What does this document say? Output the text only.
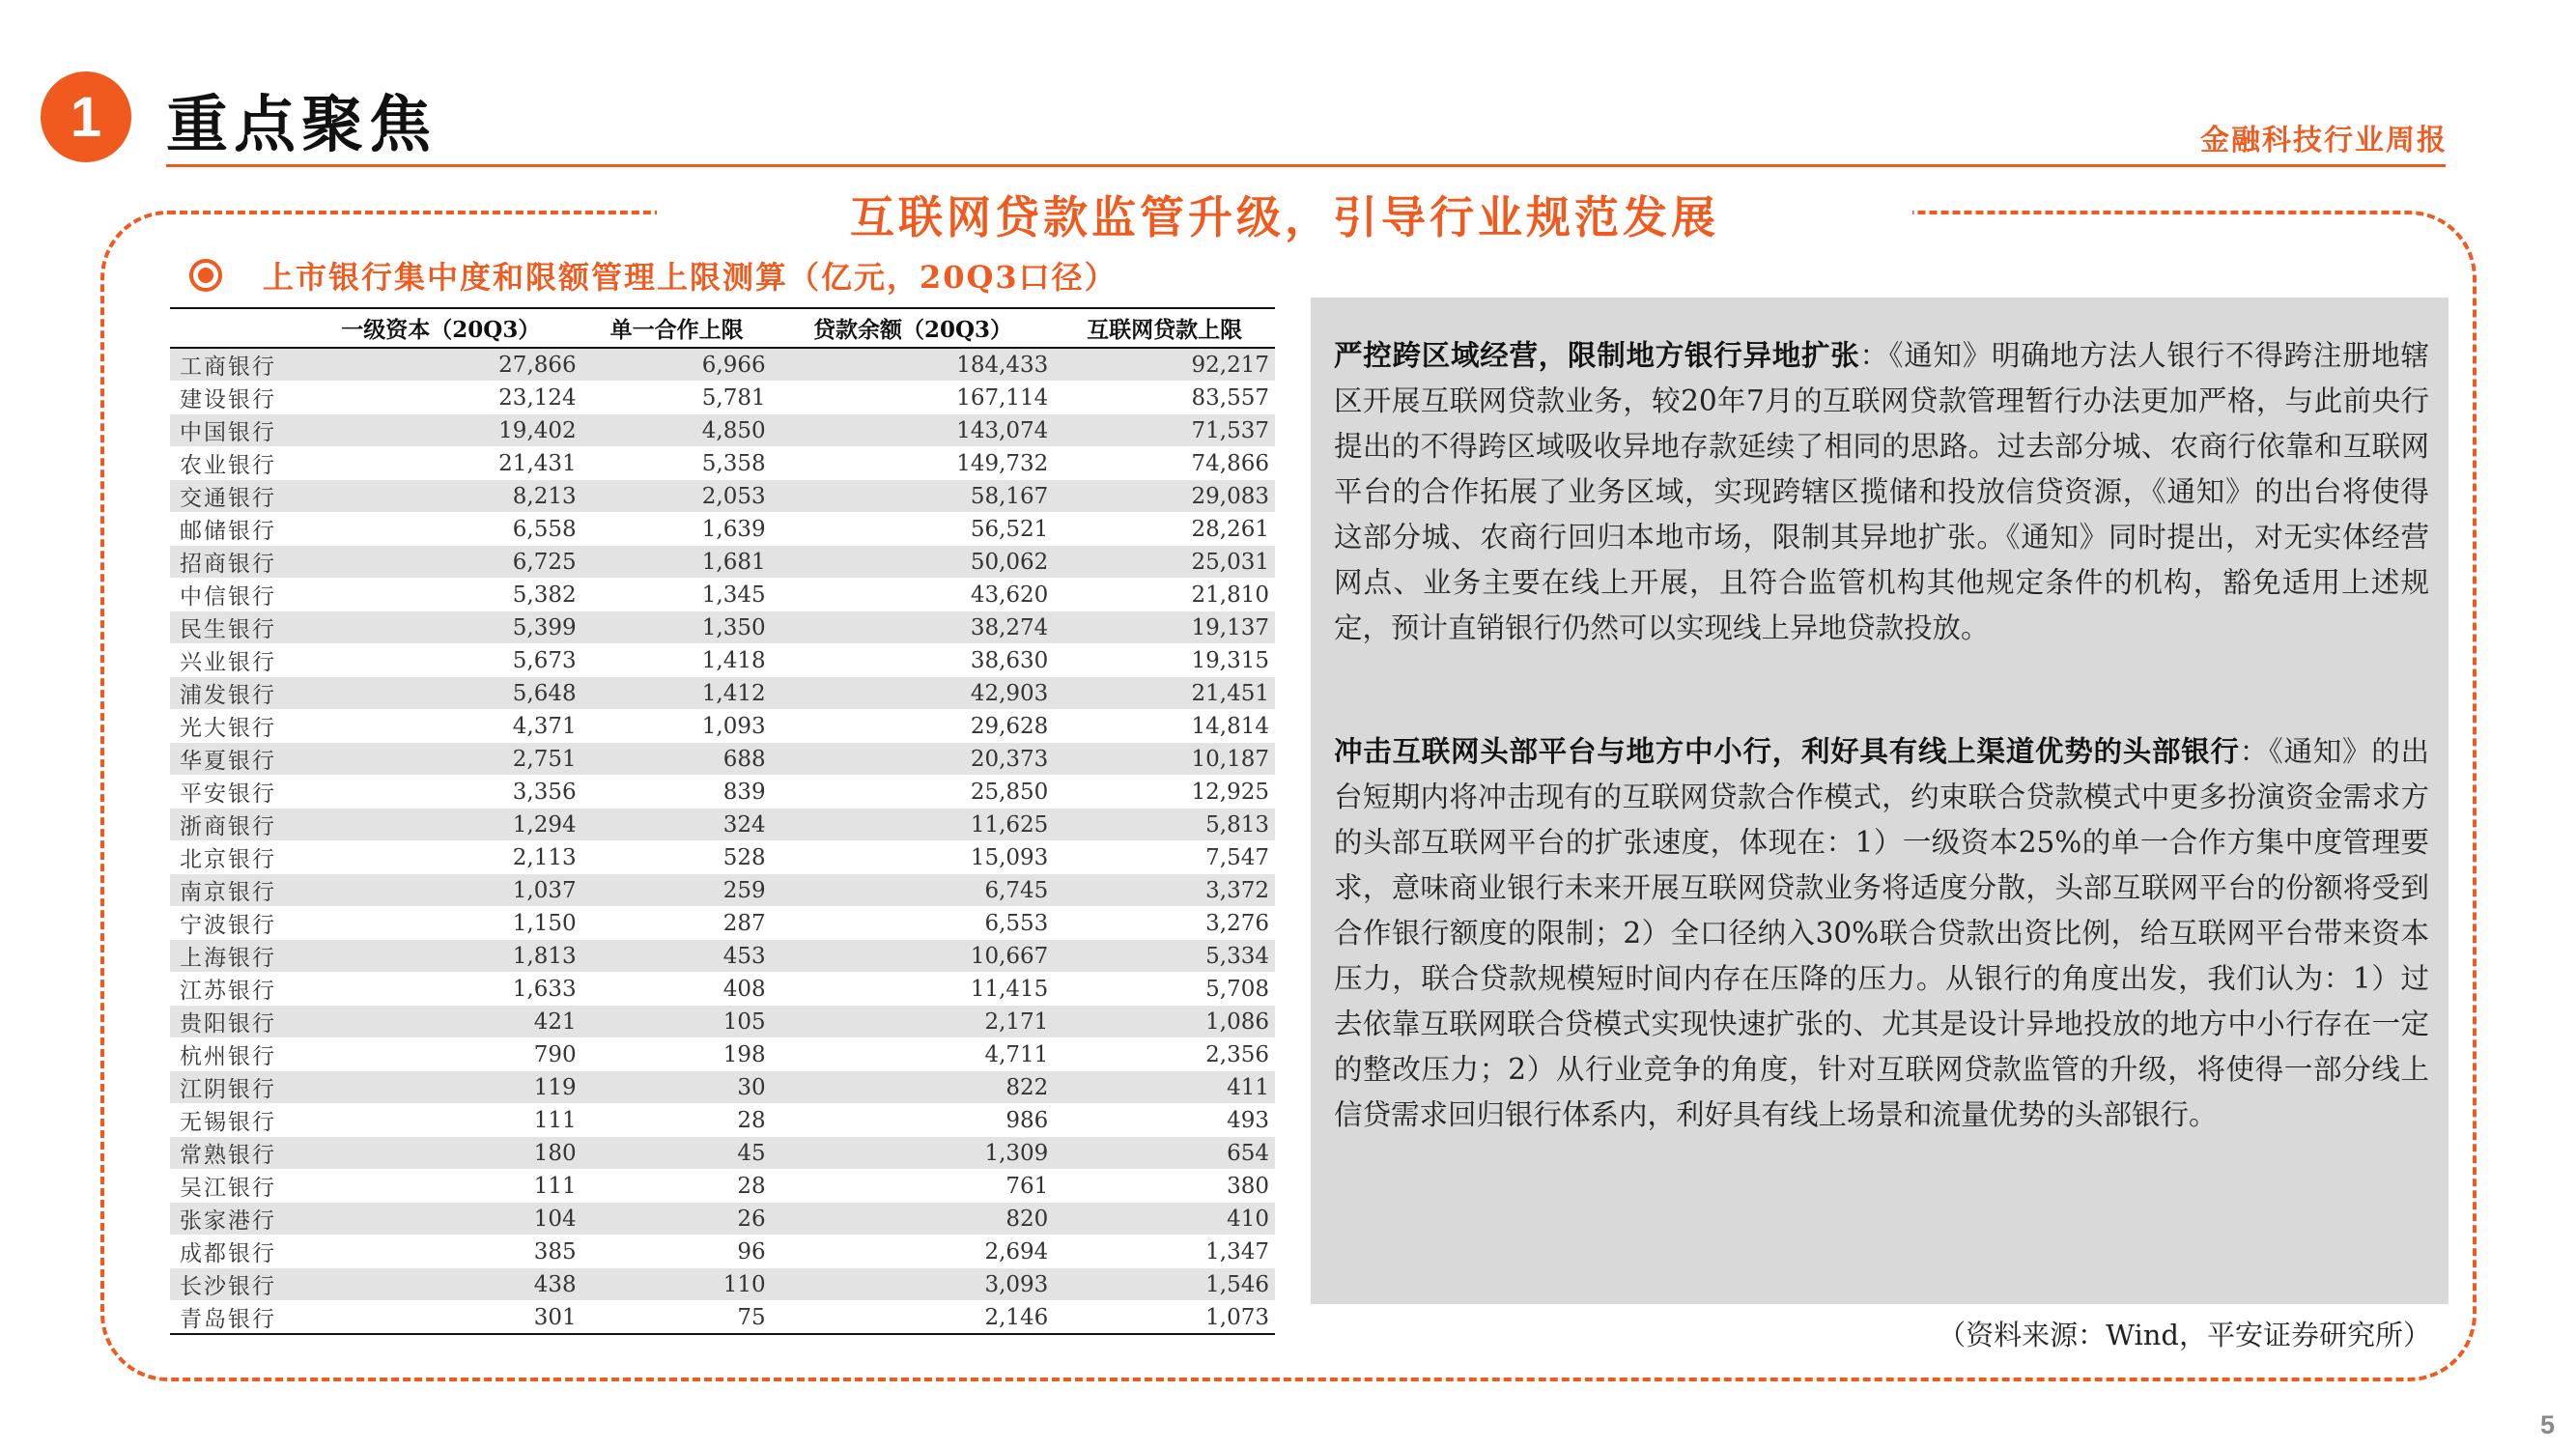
1	重点聚焦	金融科技行业周报
互联网贷款监管升级，引导行业规范发展
上市银行集中度和限额管理上限测算（亿元，20Q3口径）
	一级资本（20Q3）	单一合作上限	贷款余额（20Q3）	互联网贷款上限
工商银行	27,866	6,966	184,433	92,217
建设银行	23,124	5,781	167,114	83,557
中国银行	19,402	4,850	143,074	71,537
农业银行	21,431	5,358	149,732	74,866
交通银行	8,213	2,053	58,167	29,083
邮储银行	6,558	1,639	56,521	28,261
招商银行	6,725	1,681	50,062	25,031
中信银行	5,382	1,345	43,620	21,810
民生银行	5,399	1,350	38,274	19,137
兴业银行	5,673	1,418	38,630	19,315
浦发银行	5,648	1,412	42,903	21,451
光大银行	4,371	1,093	29,628	14,814
华夏银行	2,751	688	20,373	10,187
平安银行	3,356	839	25,850	12,925
浙商银行	1,294	324	11,625	5,813
北京银行	2,113	528	15,093	7,547
南京银行	1,037	259	6,745	3,372
宁波银行	1,150	287	6,553	3,276
上海银行	1,813	453	10,667	5,334
江苏银行	1,633	408	11,415	5,708
贵阳银行	421	105	2,171	1,086
杭州银行	790	198	4,711	2,356
江阴银行	119	30	822	411
无锡银行	111	28	986	493
常熟银行	180	45	1,309	654
吴江银行	111	28	761	380
张家港行	104	26	820	410
成都银行	385	96	2,694	1,347
长沙银行	438	110	3,093	1,546
青岛银行	301	75	2,146	1,073

严控跨区域经营，限制地方银行异地扩张：《通知》明确地方法人银行不得跨注册地辖区开展互联网贷款业务，较20年7月的互联网贷款管理暂行办法更加严格，与此前央行提出的不得跨区域吸收异地存款延续了相同的思路。过去部分城、农商行依靠和互联网平台的合作拓展了业务区域，实现跨辖区揽储和投放信贷资源，《通知》的出台将使得这部分城、农商行回归本地市场，限制其异地扩张。《通知》同时提出，对无实体经营网点、业务主要在线上开展，且符合监管机构其他规定条件的机构，豁免适用上述规定，预计直销银行仍然可以实现线上异地贷款投放。

冲击互联网头部平台与地方中小行，利好具有线上渠道优势的头部银行：《通知》的出台短期内将冲击现有的互联网贷款合作模式，约束联合贷款模式中更多扮演资金需求方的头部互联网平台的扩张速度，体现在：1）一级资本25%的单一合作方集中度管理要求，意味商业银行未来开展互联网贷款业务将适度分散，头部互联网平台的份额将受到合作银行额度的限制；2）全口径纳入30%联合贷款出资比例，给互联网平台带来资本压力，联合贷款规模短时间内存在压降的压力。从银行的角度出发，我们认为：1）过去依靠互联网联合贷模式实现快速扩张的、尤其是设计异地投放的地方中小行存在一定的整改压力；2）从行业竞争的角度，针对互联网贷款监管的升级，将使得一部分线上信贷需求回归银行体系内，利好具有线上场景和流量优势的头部银行。

（资料来源：Wind，平安证券研究所）
5
